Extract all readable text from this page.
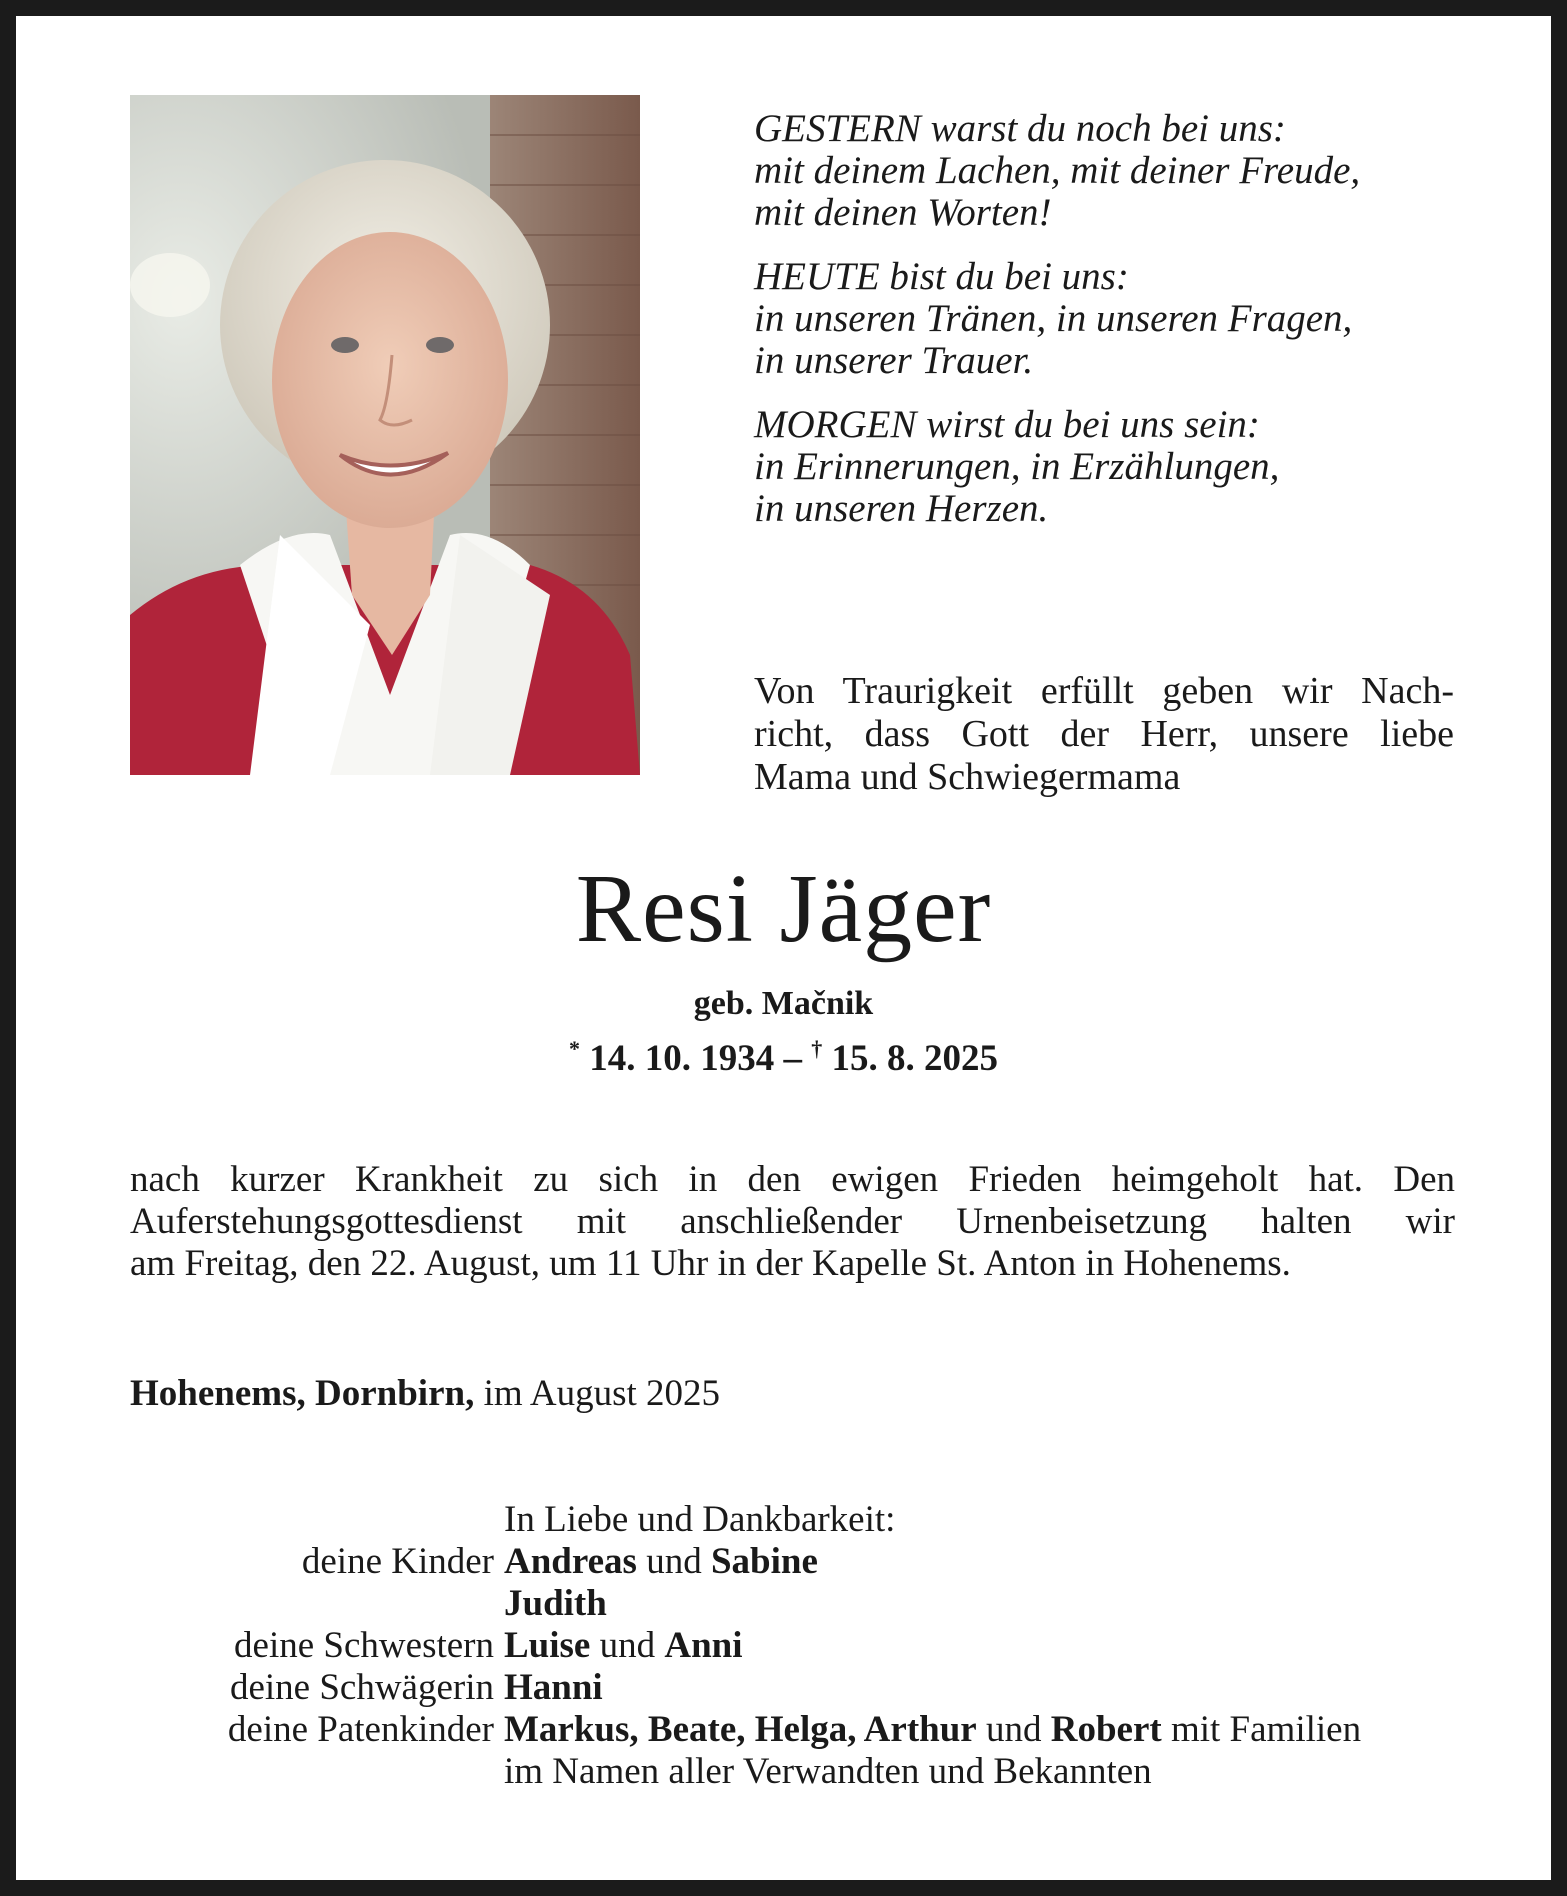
GESTERN warst du noch bei uns:
mit deinem Lachen, mit deiner Freude,
mit deinen Worten!
HEUTE bist du bei uns:
in unseren Tränen, in unseren Fragen,
in unserer Trauer.
MORGEN wirst du bei uns sein:
in Erinnerungen, in Erzählungen,
in unseren Herzen.
Von Traurigkeit erfüllt geben wir Nach-
richt, dass Gott der Herr, unsere liebe
Mama und Schwiegermama
Resi Jäger
geb. Mačnik
* 14. 10. 1934 – † 15. 8. 2025
nach kurzer Krankheit zu sich in den ewigen Frieden heimgeholt hat. Den
Auferstehungsgottesdienst mit anschließender Urnenbeisetzung halten wir
am Freitag, den 22. August, um 11 Uhr in der Kapelle St. Anton in Hohenems.
Hohenems, Dornbirn, im August 2025
In Liebe und Dankbarkeit:
deine Kinder Andreas und Sabine
Judith
deine Schwestern Luise und Anni
deine Schwägerin Hanni
deine Patenkinder Markus, Beate, Helga, Arthur und Robert mit Familien
im Namen aller Verwandten und Bekannten
